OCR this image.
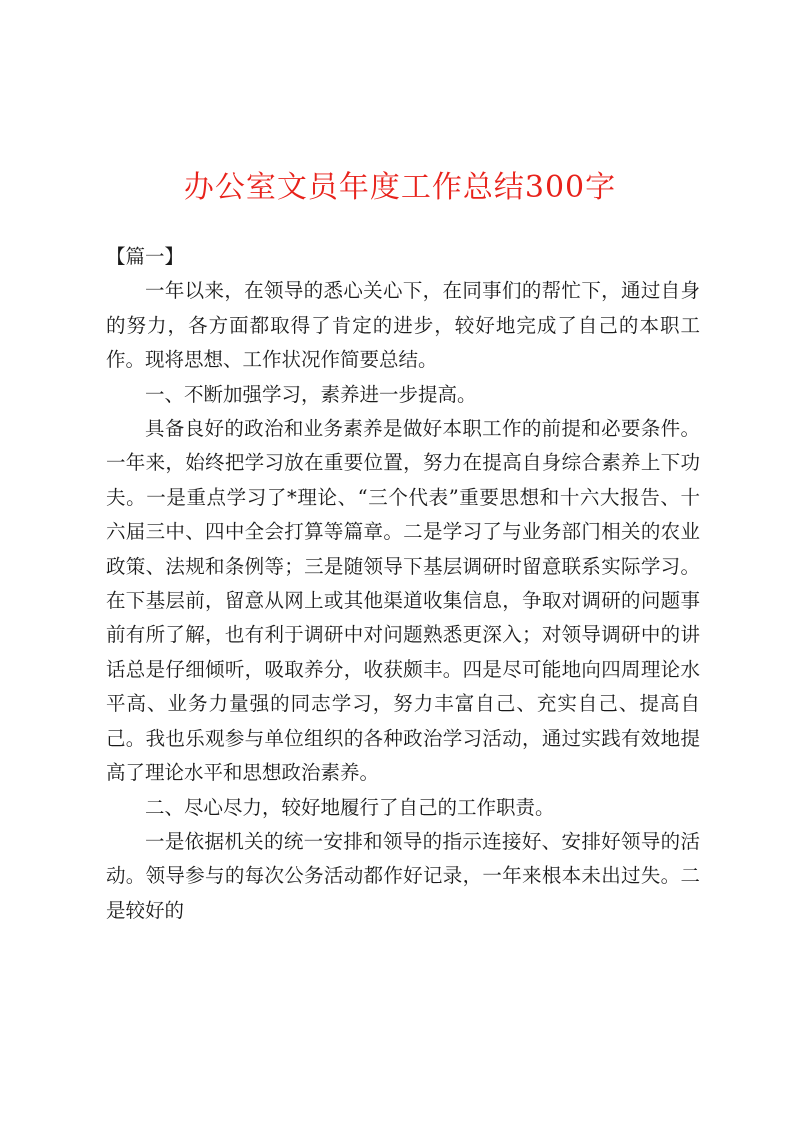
办公室文员年度工作总结300字

【篇一】

一年以来，在领导的悉心关心下，在同事们的帮忙下，通过自身的努力，各方面都取得了肯定的进步，较好地完成了自己的本职工作。现将思想、工作状况作简要总结。

一、不断加强学习，素养进一步提高。

具备良好的政治和业务素养是做好本职工作的前提和必要条件。一年来，始终把学习放在重要位置，努力在提高自身综合素养上下功夫。一是重点学习了*理论、“三个代表”重要思想和十六大报告、十六届三中、四中全会打算等篇章。二是学习了与业务部门相关的农业政策、法规和条例等；三是随领导下基层调研时留意联系实际学习。在下基层前，留意从网上或其他渠道收集信息，争取对调研的问题事前有所了解，也有利于调研中对问题熟悉更深入；对领导调研中的讲话总是仔细倾听，吸取养分，收获颇丰。四是尽可能地向四周理论水平高、业务力量强的同志学习，努力丰富自己、充实自己、提高自己。我也乐观参与单位组织的各种政治学习活动，通过实践有效地提高了理论水平和思想政治素养。

二、尽心尽力，较好地履行了自己的工作职责。

一是依据机关的统一安排和领导的指示连接好、安排好领导的活动。领导参与的每次公务活动都作好记录，一年来根本未出过失。二是较好的
